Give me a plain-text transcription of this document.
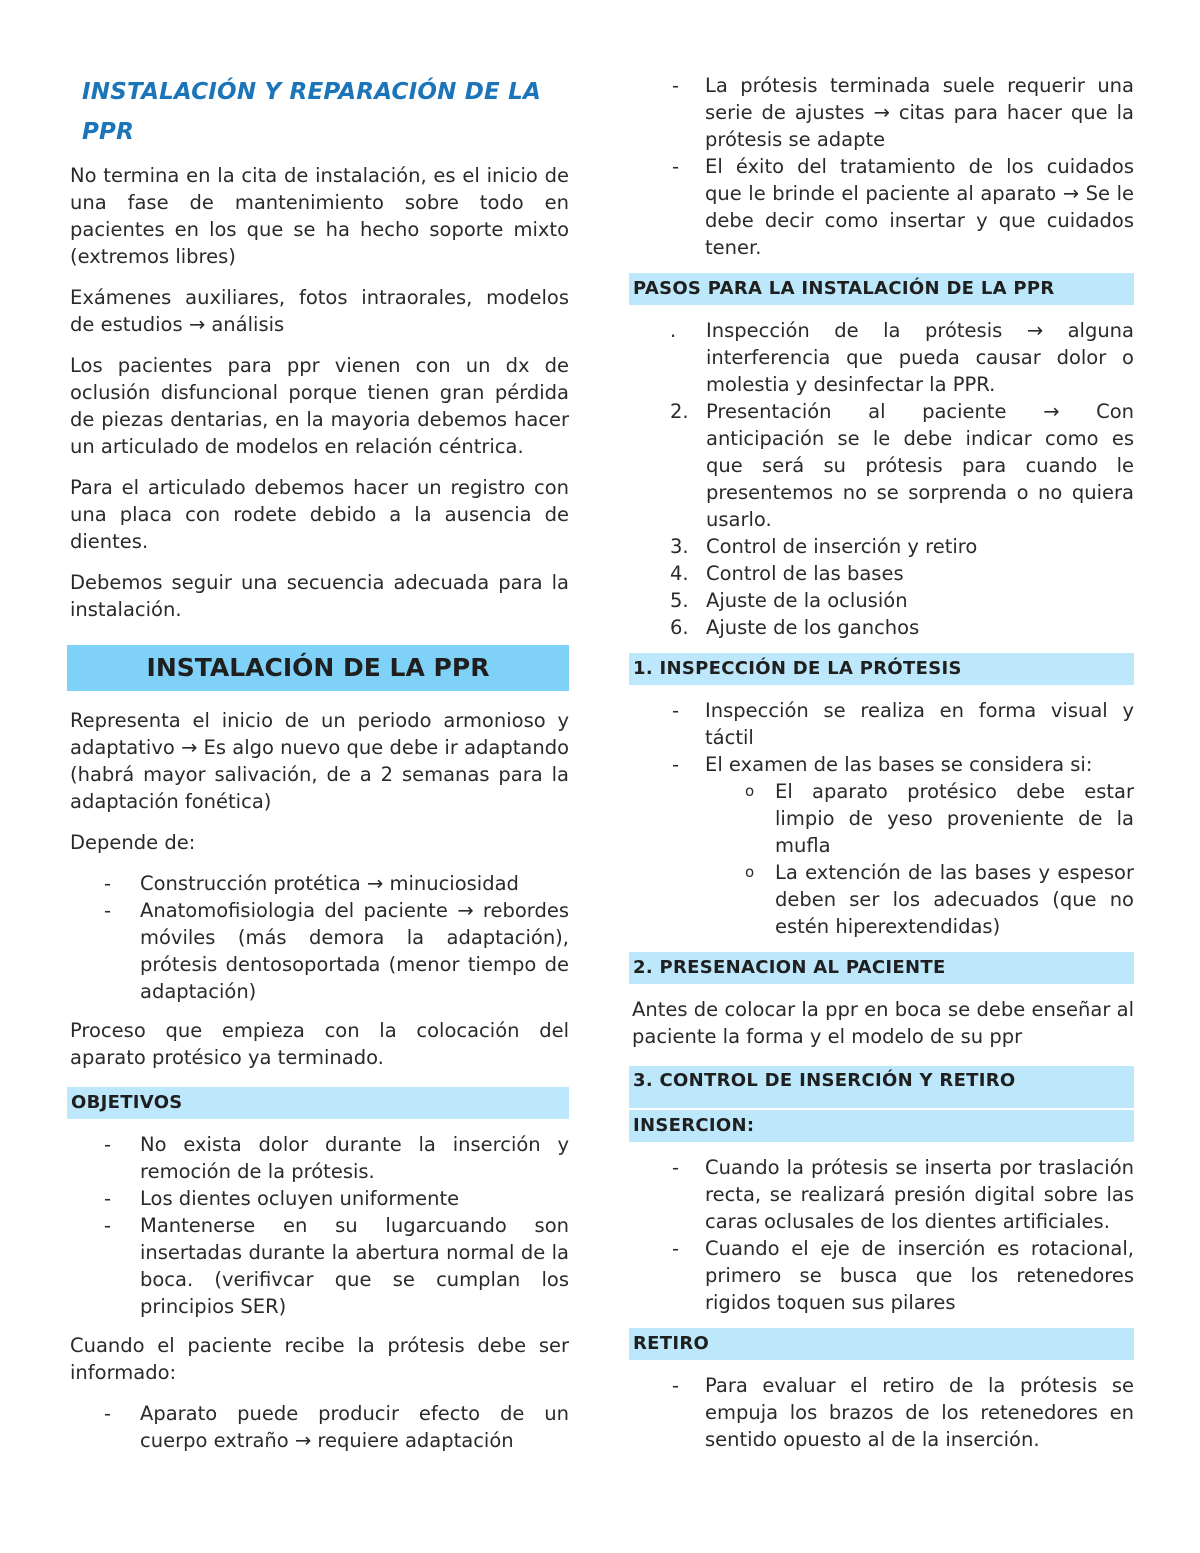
INSTALACIÓN Y REPARACIÓN DE LA PPR

No termina en la cita de instalación, es el inicio de una fase de mantenimiento sobre todo en pacientes en los que se ha hecho soporte mixto (extremos libres)

Exámenes auxiliares, fotos intraorales, modelos de estudios → análisis

Los pacientes para ppr vienen con un dx de oclusión disfuncional porque tienen gran pérdida de piezas dentarias, en la mayoria debemos hacer un articulado de modelos en relación céntrica.

Para el articulado debemos hacer un registro con una placa con rodete debido a la ausencia de dientes.

Debemos seguir una secuencia adecuada para la instalación.

INSTALACIÓN DE LA PPR

Representa el inicio de un periodo armonioso y adaptativo → Es algo nuevo que debe ir adaptando (habrá mayor salivación, de a 2 semanas para la adaptación fonética)

Depende de:

- Construcción protética → minuciosidad
- Anatomofisiologia del paciente → rebordes móviles (más demora la adaptación), prótesis dentosoportada (menor tiempo de adaptación)

Proceso que empieza con la colocación del aparato protésico ya terminado.

OBJETIVOS
- No exista dolor durante la inserción y remoción de la prótesis.
- Los dientes ocluyen uniformente
- Mantenerse en su lugarcuando son insertadas durante la abertura normal de la boca. (verifivcar que se cumplan los principios SER)

Cuando el paciente recibe la prótesis debe ser informado:

- Aparato puede producir efecto de un cuerpo extraño → requiere adaptación
- La prótesis terminada suele requerir una serie de ajustes → citas para hacer que la prótesis se adapte
- El éxito del tratamiento de los cuidados que le brinde el paciente al aparato → Se le debe decir como insertar y que cuidados tener.
PASOS PARA LA INSTALACIÓN DE LA PPR
. Inspección de la prótesis → alguna interferencia que pueda causar dolor o molestia y desinfectar la PPR.
2. Presentación al paciente → Con anticipación se le debe indicar como es que será su prótesis para cuando le presentemos no se sorprenda o no quiera usarlo.
3. Control de inserción y retiro
4. Control de las bases
5. Ajuste de la oclusión
6. Ajuste de los ganchos
1. INSPECCIÓN DE LA PRÓTESIS
- Inspección se realiza en forma visual y táctil
- El examen de las bases se considera si:
o El aparato protésico debe estar limpio de yeso proveniente de la mufla
o La extención de las bases y espesor deben ser los adecuados (que no estén hiperextendidas)
2. PRESENACION AL PACIENTE

Antes de colocar la ppr en boca se debe enseñar al paciente la forma y el modelo de su ppr

3. CONTROL DE INSERCIÓN Y RETIRO
INSERCION:
- Cuando la prótesis se inserta por traslación recta, se realizará presión digital sobre las caras oclusales de los dientes artificiales.
- Cuando el eje de inserción es rotacional, primero se busca que los retenedores rigidos toquen sus pilares
RETIRO
- Para evaluar el retiro de la prótesis se empuja los brazos de los retenedores en sentido opuesto al de la inserción.
